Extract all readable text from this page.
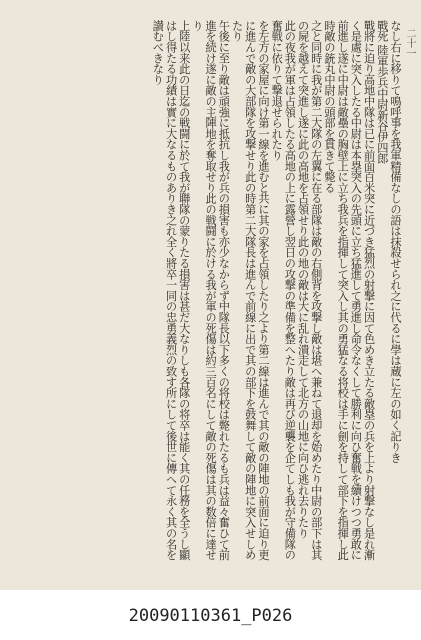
二十一

なし右に移りて鳴呼事を我軍精備なしの語は抹殺せられ之に代るに學は蔵に左の如く記りき

戰死 陸軍歩兵中尉新谷伊四郎

戰將に迫り高地中隊は已に前面百米突に近づき猛烈の射撃に因て色めき立たる敵塁の兵を上より射撃なし是れ漸く是處に突入したる中尉は本塁突入の先頭に立ち猛進して勇進し命令なくして勝利に向ひ奮戦を續けつつ勇敢に前進し遂に中尉は敵壘の胸壁上に立ち我兵を指揮して突入し其の勇猛なる将校は手に劍を持して部下を指揮し此時敵の銃丸中尉の頭部を貫きて斃る

之と同時に我が第二大隊の左翼に在る部隊は敵の右側背を攻撃し敵は堪へ兼ねて退却を始めたり中尉の部下は其の屍を越えて突進し遂に此の高地を占領せり此の地の敵は大に乱れ潰走して北方の山地に向ひ逃れ去りたり

此の夜我が軍は占領したる高地の上に露營し翌日の攻撃の準備を整へたり敵は再び逆襲を企てしも我が守備隊の奮戦に依りて撃退せられたり

を左方の家屋に向け第一線を進むと共に其の家を占領したり之より第二線は進んで其の敵の陣地の前面に迫り更に進んで敵の大部隊を攻撃せり此の時第二大隊長は進んで前線に出で其の部下を鼓舞して敵の陣地に突入せしめたり

午後に至り敵は頑強に抵抗し我が兵の損害も亦少なからず中隊長以下多くの将校は斃れたるも兵は益々奮ひて前進を続け遂に敵の主陣地を奪取せり此の戦闘に於ける我が軍の死傷は約三百名にして敵の死傷は其の数倍に達せり

上陸以来此の日迄の戦闘に於て我が聯隊の蒙りたる損害は甚だ大なりしも各隊の将卒は能く其の任務を全うし顯はし得たる功績は實に大なるものありき之れ全く將卒一同の忠勇義烈の致す所にして後世に傳へて永く其の名を讃むべきなり

20090110361_P026
